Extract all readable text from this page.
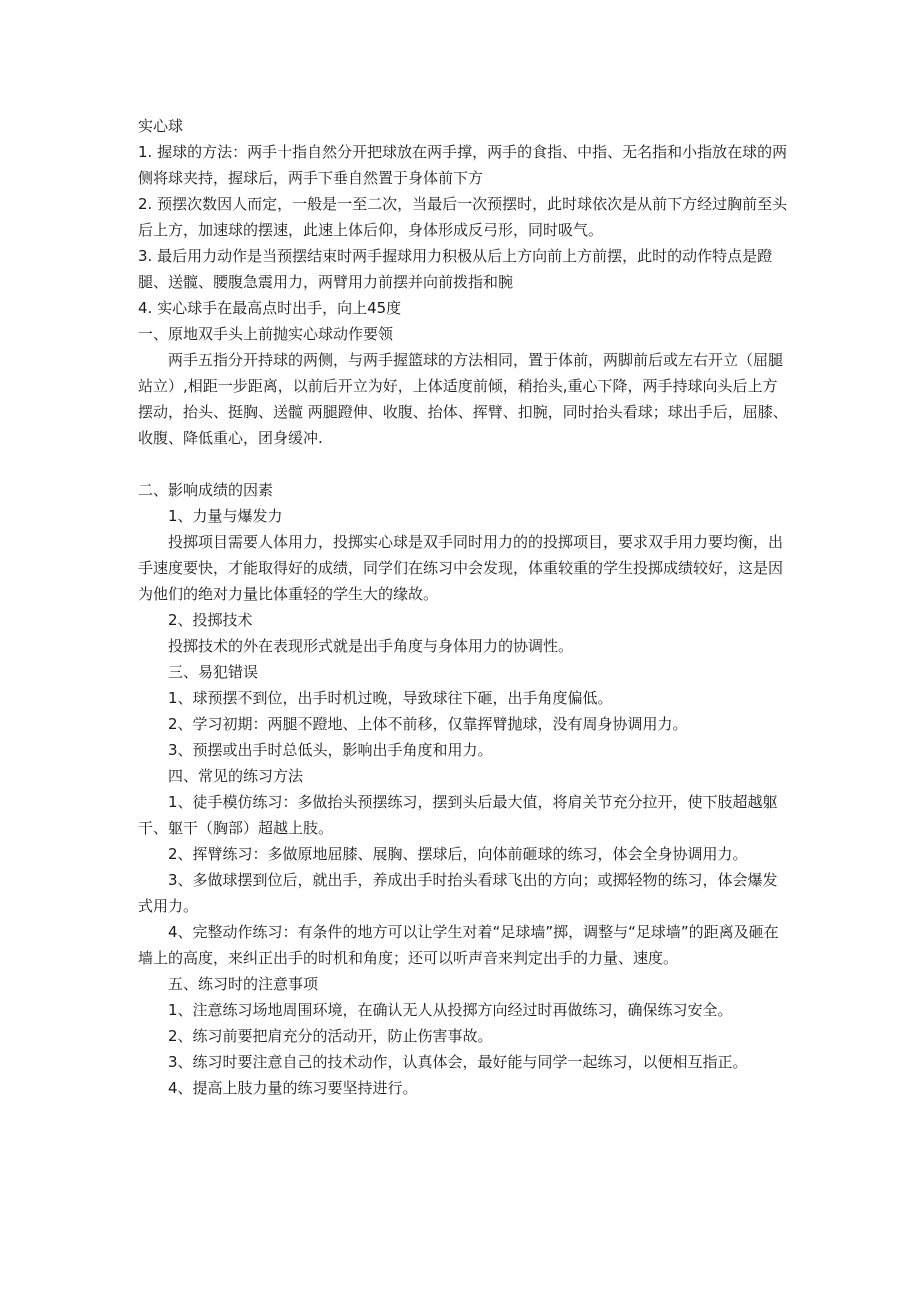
实心球

1. 握球的方法：两手十指自然分开把球放在两手撑，两手的食指、中指、无名指和小指放在球的两侧将球夹持，握球后，两手下垂自然置于身体前下方

2. 预摆次数因人而定，一般是一至二次，当最后一次预摆时，此时球依次是从前下方经过胸前至头后上方，加速球的摆速，此速上体后仰，身体形成反弓形，同时吸气。

3. 最后用力动作是当预摆结束时两手握球用力积极从后上方向前上方前摆，此时的动作特点是蹬腿、送髋、腰腹急震用力，两臂用力前摆并向前拨指和腕

4. 实心球手在最高点时出手，向上45度

一、原地双手头上前抛实心球动作要领

两手五指分开持球的两侧，与两手握篮球的方法相同，置于体前，两脚前后或左右开立（屈腿站立）,相距一步距离，以前后开立为好，上体适度前倾，稍抬头,重心下降，两手持球向头后上方摆动，抬头、挺胸、送髋 两腿蹬伸、收腹、抬体、挥臂、扣腕，同时抬头看球；球出手后，屈膝、收腹、降低重心，团身缓冲.

二、影响成绩的因素

1、力量与爆发力

投掷项目需要人体用力，投掷实心球是双手同时用力的的投掷项目，要求双手用力要均衡，出手速度要快，才能取得好的成绩，同学们在练习中会发现，体重较重的学生投掷成绩较好，这是因为他们的绝对力量比体重轻的学生大的缘故。

2、投掷技术

投掷技术的外在表现形式就是出手角度与身体用力的协调性。

三、易犯错误

1、球预摆不到位，出手时机过晚，导致球往下砸，出手角度偏低。

2、学习初期：两腿不蹬地、上体不前移，仅靠挥臂抛球，没有周身协调用力。

3、预摆或出手时总低头，影响出手角度和用力。

四、常见的练习方法

1、徒手模仿练习：多做抬头预摆练习，摆到头后最大值，将肩关节充分拉开，使下肢超越躯干、躯干（胸部）超越上肢。

2、挥臂练习：多做原地屈膝、展胸、摆球后，向体前砸球的练习，体会全身协调用力。

3、多做球摆到位后，就出手，养成出手时抬头看球飞出的方向；或掷轻物的练习，体会爆发式用力。

4、完整动作练习：有条件的地方可以让学生对着“足球墙”掷，调整与“足球墙”的距离及砸在墙上的高度，来纠正出手的时机和角度；还可以听声音来判定出手的力量、速度。

五、练习时的注意事项

1、注意练习场地周围环境，在确认无人从投掷方向经过时再做练习，确保练习安全。

2、练习前要把肩充分的活动开，防止伤害事故。

3、练习时要注意自己的技术动作，认真体会，最好能与同学一起练习，以便相互指正。

4、提高上肢力量的练习要坚持进行。
